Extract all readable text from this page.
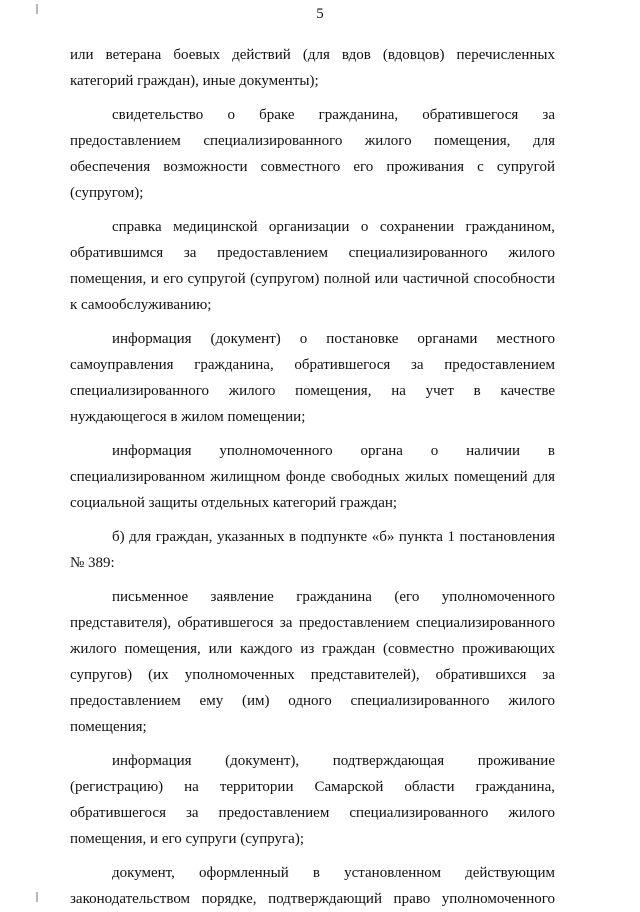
5
или ветерана боевых действий (для вдов (вдовцов) перечисленных
категорий граждан), иные документы);
свидетельство о браке гражданина, обратившегося за
предоставлением специализированного жилого помещения, для
обеспечения возможности совместного его проживания с супругой
(супругом);
справка медицинской организации о сохранении гражданином,
обратившимся за предоставлением специализированного жилого
помещения, и его супругой (супругом) полной или частичной способности
к самообслуживанию;
информация (документ) о постановке органами местного
самоуправления гражданина, обратившегося за предоставлением
специализированного жилого помещения, на учет в качестве
нуждающегося в жилом помещении;
информация уполномоченного органа о наличии в
специализированном жилищном фонде свободных жилых помещений для
социальной защиты отдельных категорий граждан;
б) для граждан, указанных в подпункте «б» пункта 1 постановления
№ 389:
письменное заявление гражданина (его уполномоченного
представителя), обратившегося за предоставлением специализированного
жилого помещения, или каждого из граждан (совместно проживающих
супругов) (их уполномоченных представителей), обратившихся за
предоставлением ему (им) одного специализированного жилого
помещения;
информация (документ), подтверждающая проживание
(регистрацию) на территории Самарской области гражданина,
обратившегося за предоставлением специализированного жилого
помещения, и его супруги (супруга);
документ, оформленный в установленном действующим
законодательством порядке, подтверждающий право уполномоченного
